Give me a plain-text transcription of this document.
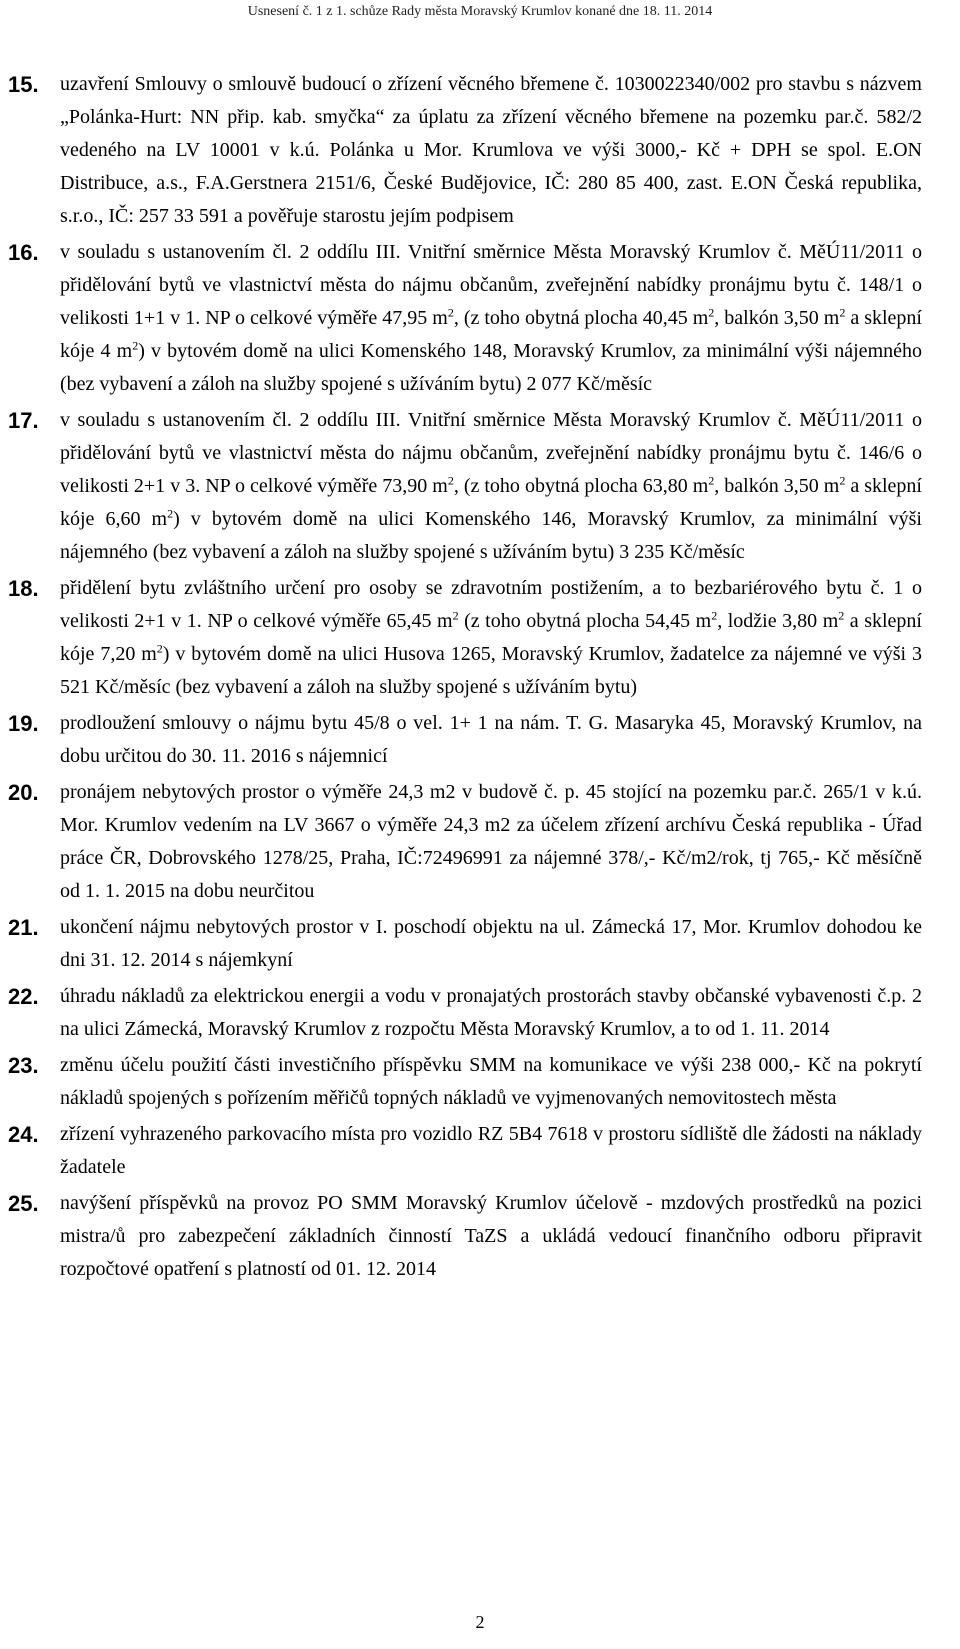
Usnesení č. 1 z 1. schůze Rady města Moravský Krumlov konané dne 18. 11. 2014
15. uzavření Smlouvy o smlouvě budoucí o zřízení věcného břemene č. 1030022340/002 pro stavbu s názvem „Polánka-Hurt: NN přip. kab. smyčka“ za úplatu za zřízení věcného břemene na pozemku par.č. 582/2 vedeného na LV 10001 v k.ú. Polánka u Mor. Krumlova ve výši 3000,- Kč + DPH se spol. E.ON Distribuce, a.s., F.A.Gerstnera 2151/6, České Budějovice, IČ: 280 85 400, zast. E.ON Česká republika, s.r.o., IČ: 257 33 591 a pověřuje starostu jejím podpisem
16. v souladu s ustanovením čl. 2 oddílu III. Vnitřní směrnice Města Moravský Krumlov č. MěÚ11/2011 o přidělování bytů ve vlastnictví města do nájmu občanům, zveřejnění nabídky pronájmu bytu č. 148/1 o velikosti 1+1 v 1. NP o celkové výměře 47,95 $m^2$, (z toho obytná plocha 40,45 $m^2$, balkón 3,50 $m^2$ a sklepní kóje 4 $m^2$) v bytovém domě na ulici Komenského 148, Moravský Krumlov, za minimální výši nájemného (bez vybavení a záloh na služby spojené s užíváním bytu) 2 077 Kč/měsíc
17. v souladu s ustanovením čl. 2 oddílu III. Vnitřní směrnice Města Moravský Krumlov č. MěÚ11/2011 o přidělování bytů ve vlastnictví města do nájmu občanům, zveřejnění nabídky pronájmu bytu č. 146/6 o velikosti 2+1 v 3. NP o celkové výměře 73,90 $m^2$, (z toho obytná plocha 63,80 $m^2$, balkón 3,50 $m^2$ a sklepní kóje 6,60 $m^2$) v bytovém domě na ulici Komenského 146, Moravský Krumlov, za minimální výši nájemného (bez vybavení a záloh na služby spojené s užíváním bytu) 3 235 Kč/měsíc
18. přidělení bytu zvláštního určení pro osoby se zdravotním postižením, a to bezbariérového bytu č. 1 o velikosti 2+1 v 1. NP o celkové výměře 65,45 $m^2$ (z toho obytná plocha 54,45 $m^2$, lodžie 3,80 $m^2$ a sklepní kóje 7,20 $m^2$) v bytovém domě na ulici Husova 1265, Moravský Krumlov, žadatelce za nájemné ve výši 3 521 Kč/měsíc (bez vybavení a záloh na služby spojené s užíváním bytu)
19. prodloužení smlouvy o nájmu bytu 45/8 o vel. 1+ 1 na nám. T. G. Masaryka 45, Moravský Krumlov, na dobu určitou do 30. 11. 2016 s nájemnicí
20. pronájem nebytových prostor o výměře 24,3 m2 v budově č. p. 45 stojící na pozemku par.č. 265/1 v k.ú. Mor. Krumlov vedením na LV 3667 o výměře 24,3 m2 za účelem zřízení archívu Česká republika - Úřad práce ČR, Dobrovského 1278/25, Praha, IČ:72496991 za nájemné 378/,- Kč/m2/rok, tj 765,- Kč měsíčně od 1. 1. 2015 na dobu neurčitou
21. ukončení nájmu nebytových prostor v I. poschodí objektu na ul. Zámecká 17, Mor. Krumlov dohodou ke dni 31. 12. 2014 s nájemkyní
22. úhradu nákladů za elektrickou energii a vodu v pronajatých prostorách stavby občanské vybavenosti č.p. 2 na ulici Zámecká, Moravský Krumlov z rozpočtu Města Moravský Krumlov, a to od 1. 11. 2014
23. změnu účelu použití části investičního příspěvku SMM na komunikace ve výši 238 000,- Kč na pokrytí nákladů spojených s pořízením měřičů topných nákladů ve vyjmenovaných nemovitostech města
24. zřízení vyhrazeného parkovacího místa pro vozidlo RZ 5B4 7618 v prostoru sídliště dle žádosti na náklady žadatele
25. navýšení příspěvků na provoz PO SMM Moravský Krumlov účelově - mzdových prostředků na pozici mistra/ů pro zabezpečení základních činností TaZS a ukládá vedoucí finančního odboru připravit rozpočtové opatření s platností od 01. 12. 2014
2
